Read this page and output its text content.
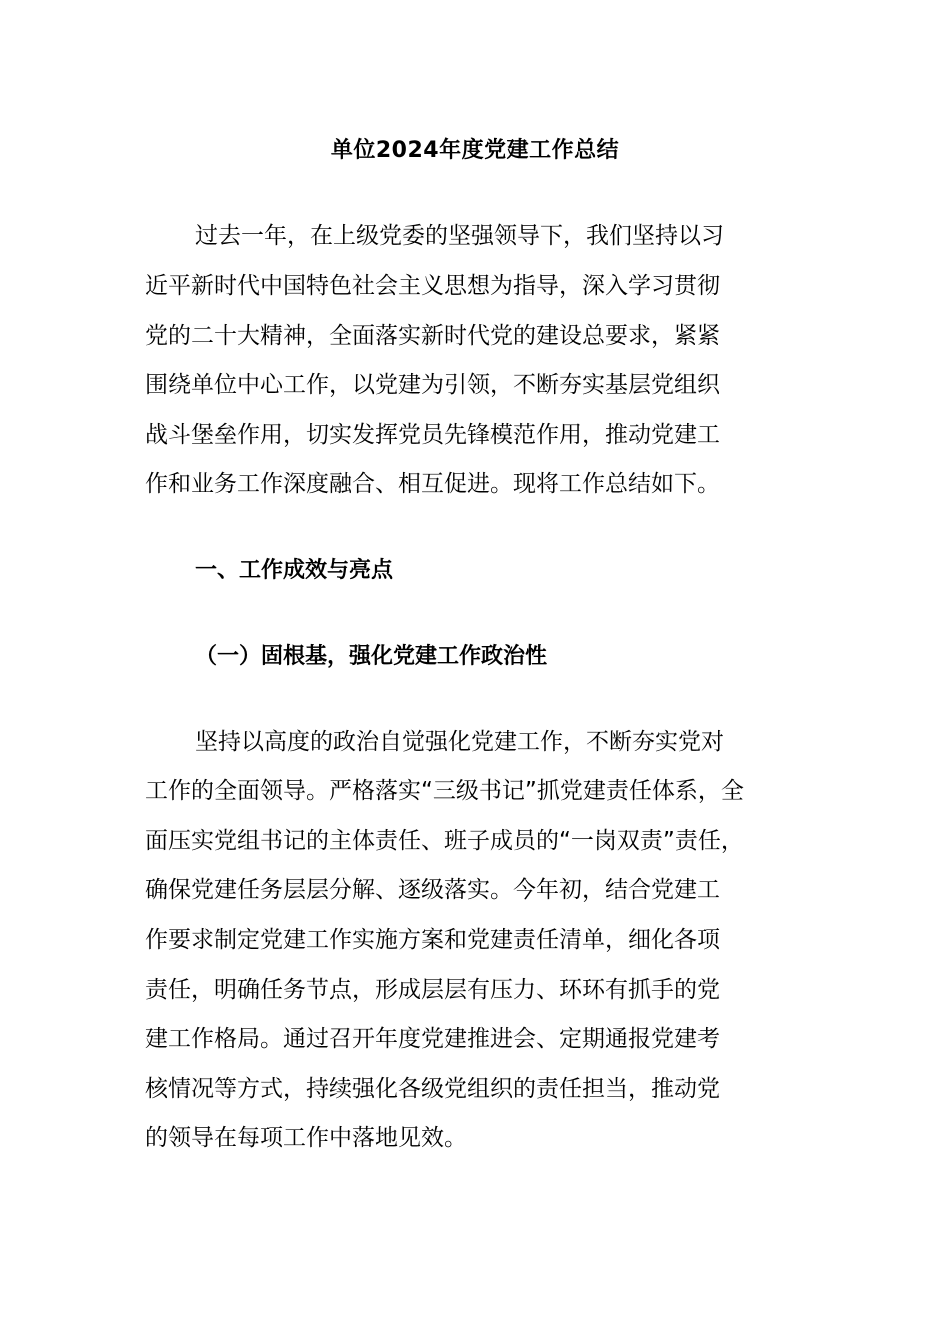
单位2024年度党建工作总结
过去一年，在上级党委的坚强领导下，我们坚持以习
近平新时代中国特色社会主义思想为指导，深入学习贯彻
党的二十大精神，全面落实新时代党的建设总要求，紧紧
围绕单位中心工作，以党建为引领，不断夯实基层党组织
战斗堡垒作用，切实发挥党员先锋模范作用，推动党建工
作和业务工作深度融合、相互促进。现将工作总结如下。
一、工作成效与亮点
（一）固根基，强化党建工作政治性
坚持以高度的政治自觉强化党建工作，不断夯实党对
工作的全面领导。严格落实“三级书记”抓党建责任体系，全
面压实党组书记的主体责任、班子成员的“一岗双责”责任，
确保党建任务层层分解、逐级落实。今年初，结合党建工
作要求制定党建工作实施方案和党建责任清单，细化各项
责任，明确任务节点，形成层层有压力、环环有抓手的党
建工作格局。通过召开年度党建推进会、定期通报党建考
核情况等方式，持续强化各级党组织的责任担当，推动党
的领导在每项工作中落地见效。
